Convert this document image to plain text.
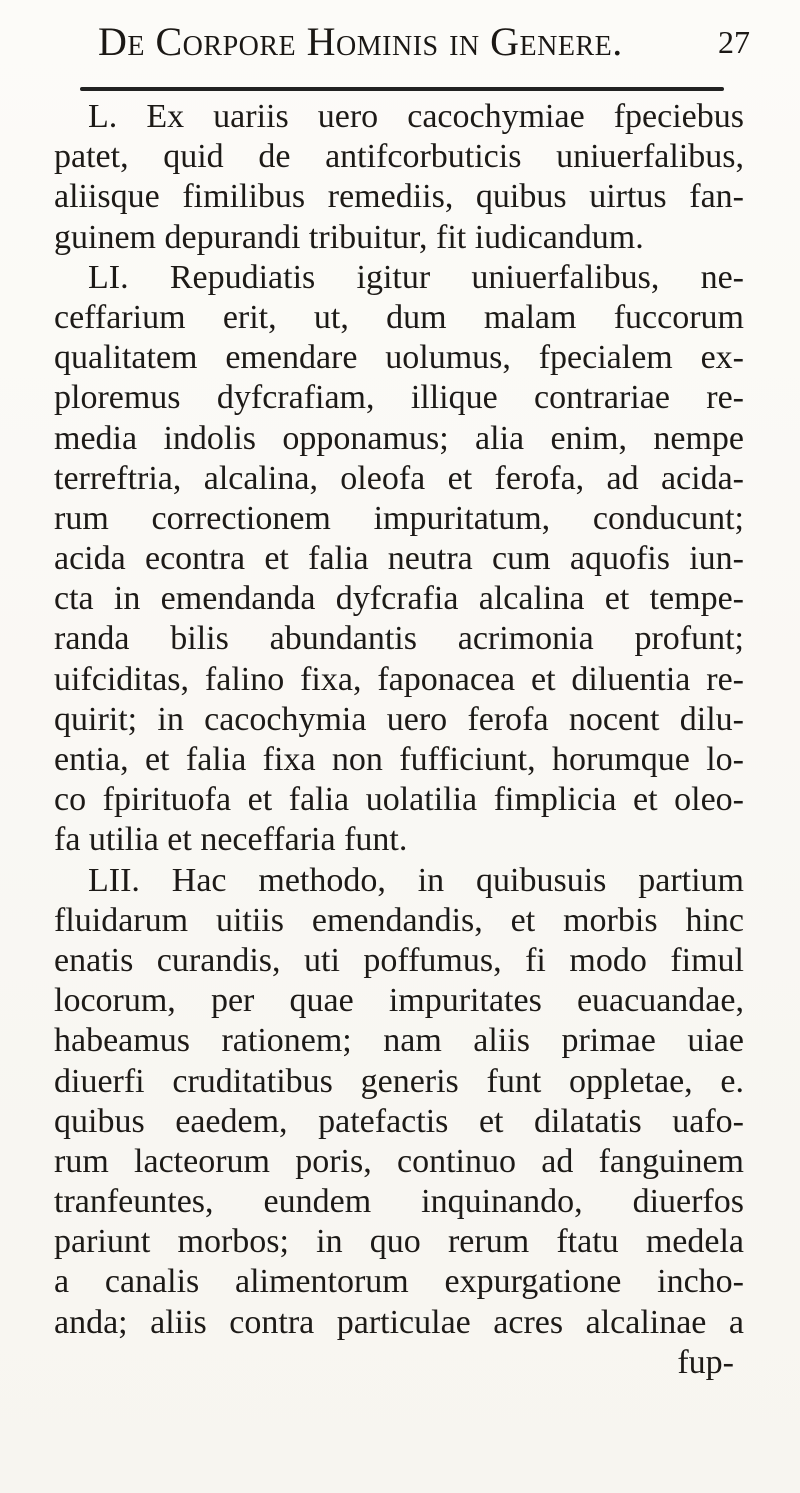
De Corpore Hominis in Genere.	27
L. Ex uariis uero cacochymiae fpeciebus
patet, quid de antifcorbuticis uniuerfalibus,
aliisque fimilibus remediis, quibus uirtus fan-
guinem depurandi tribuitur, fit iudicandum.
LI. Repudiatis igitur uniuerfalibus, ne-
ceffarium erit, ut, dum malam fuccorum
qualitatem emendare uolumus, fpecialem ex-
ploremus dyfcrafiam, illique contrariae re-
media indolis opponamus; alia enim, nempe
terreftria, alcalina, oleofa et ferofa, ad acida-
rum correctionem impuritatum, conducunt;
acida econtra et falia neutra cum aquofis iun-
cta in emendanda dyfcrafia alcalina et tempe-
randa bilis abundantis acrimonia profunt;
uifciditas, falino fixa, faponacea et diluentia re-
quirit; in cacochymia uero ferofa nocent dilu-
entia, et falia fixa non fufficiunt, horumque lo-
co fpirituofa et falia uolatilia fimplicia et oleo-
fa utilia et neceffaria funt.
LII. Hac methodo, in quibusuis partium
fluidarum uitiis emendandis, et morbis hinc
enatis curandis, uti poffumus, fi modo fimul
locorum, per quae impuritates euacuandae,
habeamus rationem; nam aliis primae uiae
diuerfi cruditatibus generis funt oppletae, e.
quibus eaedem, patefactis et dilatatis uafo-
rum lacteorum poris, continuo ad fanguinem
tranfeuntes, eundem inquinando, diuerfos
pariunt morbos; in quo rerum ftatu medela
a canalis alimentorum expurgatione incho-
anda; aliis contra particulae acres alcalinae a
fup-
